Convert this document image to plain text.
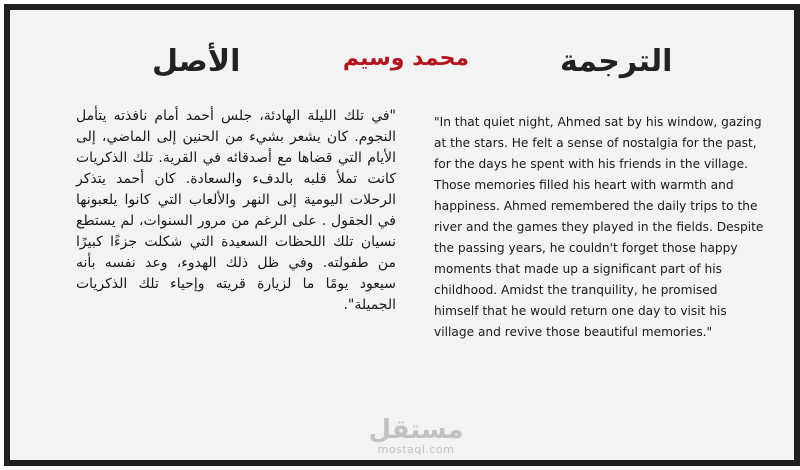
الأصل	محمد وسيم	الترجمة

"في تلك الليلة الهادئة، جلس أحمد أمام نافذته يتأمل النجوم. كان يشعر بشيء من الحنين إلى الماضي، إلى الأيام التي قضاها مع أصدقائه في القرية. تلك الذكريات كانت تملأ قلبه بالدفء والسعادة. كان أحمد يتذكر الرحلات اليومية إلى النهر والألعاب التي كانوا يلعبونها في الحقول . على الرغم من مرور السنوات، لم يستطع نسيان تلك اللحظات السعيدة التي شكلت جزءًا كبيرًا من طفولته. وفي ظل ذلك الهدوء، وعد نفسه بأنه سيعود يومًا ما لزيارة قريته وإحياء تلك الذكريات الجميلة".

"In that quiet night, Ahmed sat by his window, gazing at the stars. He felt a sense of nostalgia for the past, for the days he spent with his friends in the village. Those memories filled his heart with warmth and happiness. Ahmed remembered the daily trips to the river and the games they played in the fields. Despite the passing years, he couldn't forget those happy moments that made up a significant part of his childhood. Amidst the tranquility, he promised himself that he would return one day to visit his village and revive those beautiful memories."

مستقل
mostaql.com
